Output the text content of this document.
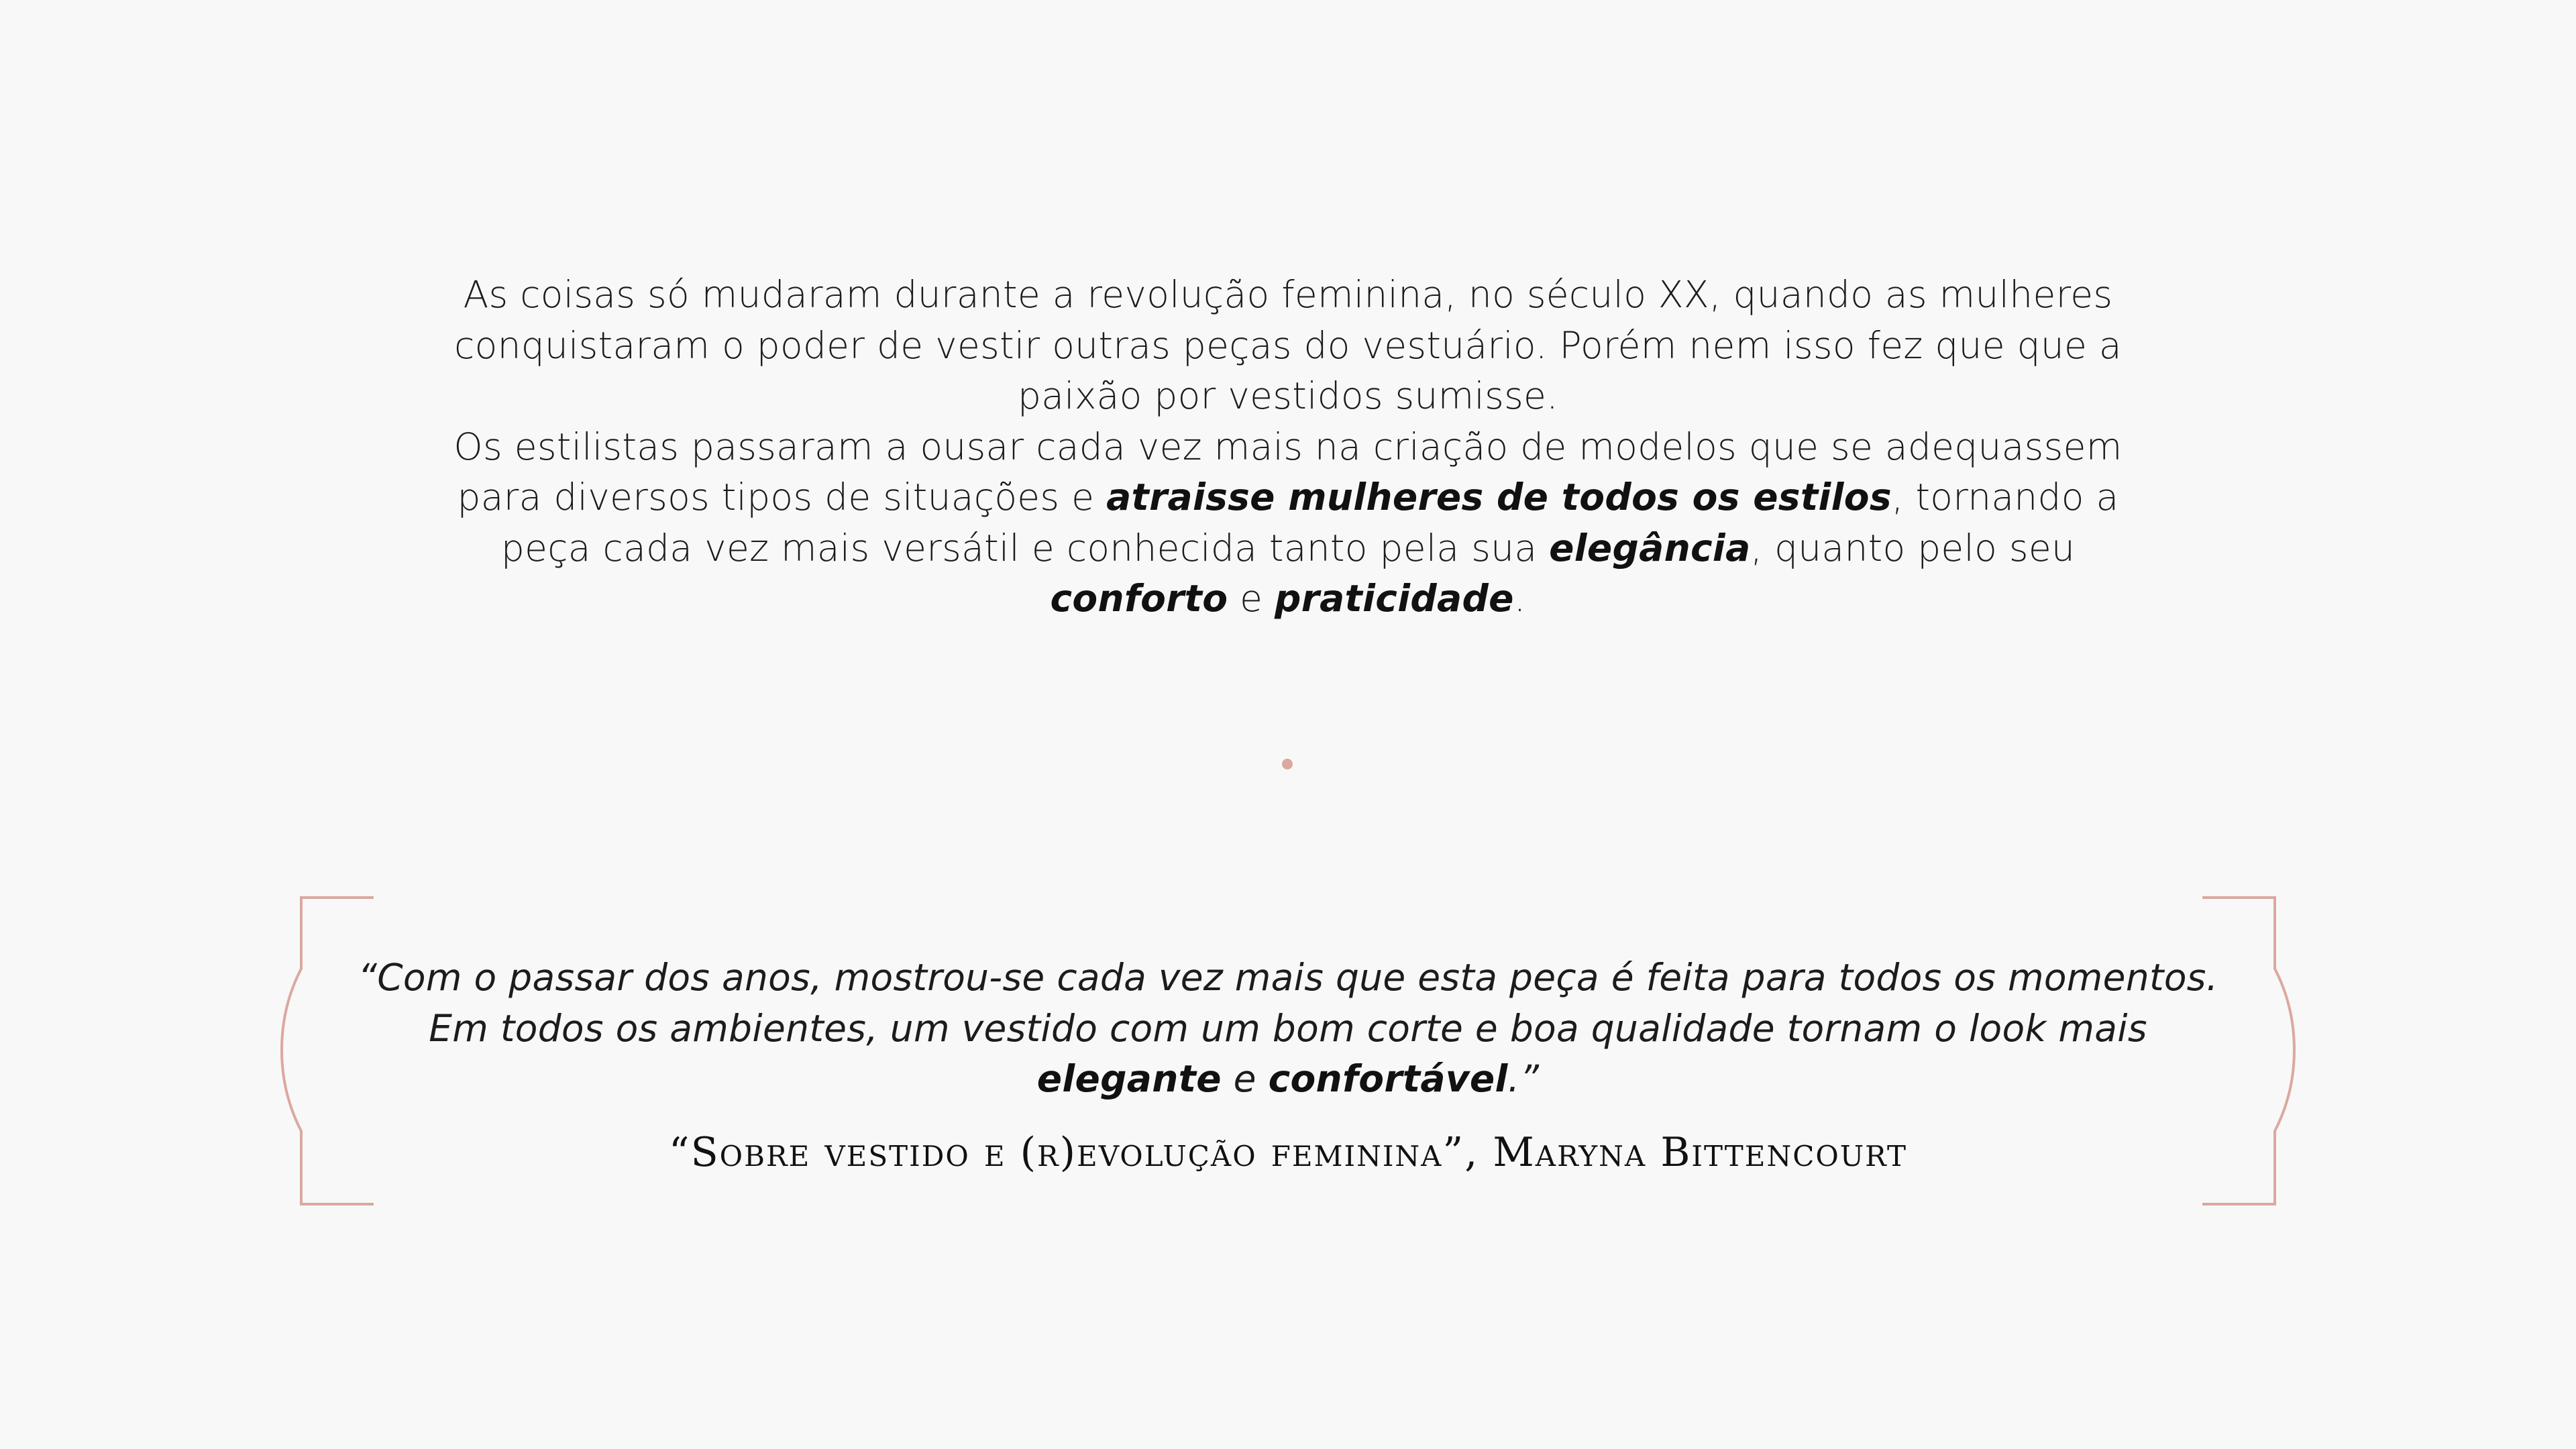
As coisas só mudaram durante a revolução feminina, no século XX, quando as mulheres conquistaram o poder de vestir outras peças do vestuário. Porém nem isso fez que que a paixão por vestidos sumisse.

Os estilistas passaram a ousar cada vez mais na criação de modelos que se adequassem para diversos tipos de situações e atraisse mulheres de todos os estilos, tornando a peça cada vez mais versátil e conhecida tanto pela sua elegância, quanto pelo seu conforto e praticidade.

“Com o passar dos anos, mostrou-se cada vez mais que esta peça é feita para todos os momentos. Em todos os ambientes, um vestido com um bom corte e boa qualidade tornam o look mais elegante e confortável.”

“Sobre vestido e (r)evolução feminina”, Maryna Bittencourt
